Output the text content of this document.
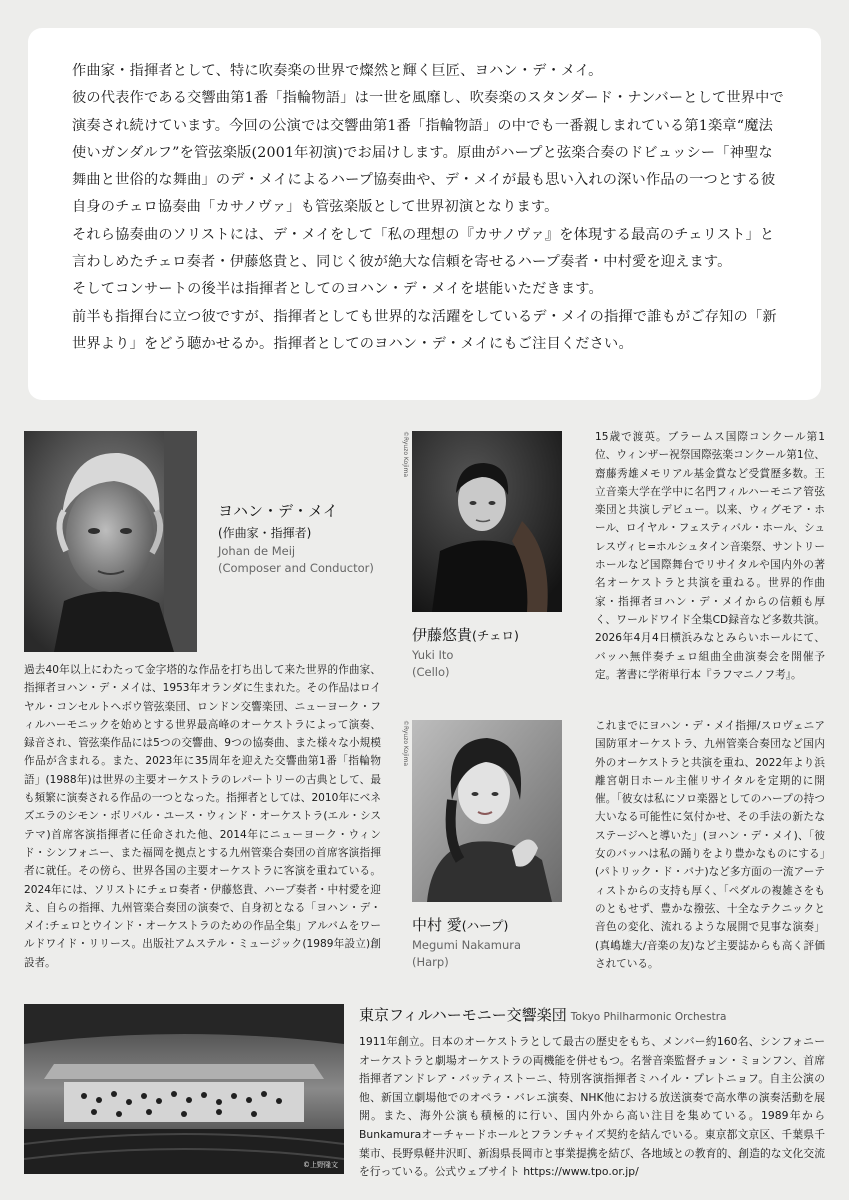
作曲家・指揮者として、特に吹奏楽の世界で燦然と輝く巨匠、ヨハン・デ・メイ。

彼の代表作である交響曲第1番「指輪物語」は一世を風靡し、吹奏楽のスタンダード・ナンバーとして世界中で演奏され続けています。今回の公演では交響曲第1番「指輪物語」の中でも一番親しまれている第1楽章“魔法使いガンダルフ”を管弦楽版(2001年初演)でお届けします。原曲がハープと弦楽合奏のドビュッシー「神聖な舞曲と世俗的な舞曲」のデ・メイによるハープ協奏曲や、デ・メイが最も思い入れの深い作品の一つとする彼自身のチェロ協奏曲「カサノヴァ」も管弦楽版として世界初演となります。

それら協奏曲のソリストには、デ・メイをして「私の理想の『カサノヴァ』を体現する最高のチェリスト」と言わしめたチェロ奏者・伊藤悠貴と、同じく彼が絶大な信頼を寄せるハープ奏者・中村愛を迎えます。

そしてコンサートの後半は指揮者としてのヨハン・デ・メイを堪能いただきます。

前半も指揮台に立つ彼ですが、指揮者としても世界的な活躍をしているデ・メイの指揮で誰もがご存知の「新世界より」をどう聴かせるか。指揮者としてのヨハン・デ・メイにもご注目ください。

ヨハン・デ・メイ

(作曲家・指揮者)

Johan de Meij

(Composer and Conductor)

過去40年以上にわたって金字塔的な作品を打ち出して来た世界的作曲家、指揮者ヨハン・デ・メイは、1953年オランダに生まれた。その作品はロイヤル・コンセルトヘボウ管弦楽団、ロンドン交響楽団、ニューヨーク・フィルハーモニックを始めとする世界最高峰のオーケストラによって演奏、録音され、管弦楽作品には5つの交響曲、9つの協奏曲、また様々な小規模作品が含まれる。また、2023年に35周年を迎えた交響曲第1番「指輪物語」(1988年)は世界の主要オーケストラのレパートリーの古典として、最も頻繁に演奏される作品の一つとなった。指揮者としては、2010年にベネズエラのシモン・ボリバル・ユース・ウィンド・オーケストラ(エル・システマ)首席客演指揮者に任命された他、2014年にニューヨーク・ウィンド・シンフォニー、また福岡を拠点とする九州管楽合奏団の首席客演指揮者に就任。その傍ら、世界各国の主要オーケストラに客演を重ねている。2024年には、ソリストにチェロ奏者・伊藤悠貴、ハープ奏者・中村愛を迎え、自らの指揮、九州管楽合奏団の演奏で、自身初となる「ヨハン・デ・メイ:チェロとウインド・オーケストラのための作品全集」アルバムをワールドワイド・リリース。出版社アムステル・ミュージック(1989年設立)創設者。

©Ryuzo Kojima

伊藤悠貴(チェロ)

Yuki Ito

(Cello)

15歳で渡英。ブラームス国際コンクール第1位、ウィンザー祝祭国際弦楽コンクール第1位、齋藤秀雄メモリアル基金賞など受賞歴多数。王立音楽大学在学中に名門フィルハーモニア管弦楽団と共演しデビュー。以来、ウィグモア・ホール、ロイヤル・フェスティバル・ホール、シュレスヴィヒ=ホルシュタイン音楽祭、サントリーホールなど国際舞台でリサイタルや国内外の著名オーケストラと共演を重ねる。世界的作曲家・指揮者ヨハン・デ・メイからの信頼も厚く、ワールドワイド全集CD録音など多数共演。2026年4月4日横浜みなとみらいホールにて、バッハ無伴奏チェロ組曲全曲演奏会を開催予定。著書に学術単行本『ラフマニノフ考』。

©Ryuzo Kojima

中村 愛(ハープ)

Megumi Nakamura

(Harp)

これまでにヨハン・デ・メイ指揮/スロヴェニア国防軍オーケストラ、九州管楽合奏団など国内外のオーケストラと共演を重ね、2022年より浜離宮朝日ホール主催リサイタルを定期的に開催。「彼女は私にソロ楽器としてのハープの持つ大いなる可能性に気付かせ、その手法の新たなステージへと導いた」(ヨハン・デ・メイ)、「彼女のバッハは私の踊りをより豊かなものにする」(パトリック・ド・バナ)など多方面の一流アーティストからの支持も厚く、「ペダルの複雑さをものともせず、豊かな撥弦、十全なテクニックと音色の変化、流れるような展開で見事な演奏」(真嶋雄大/音楽の友)など主要誌からも高く評価されている。

©上野隆文
東京フィルハーモニー交響楽団 Tokyo Philharmonic Orchestra

1911年創立。日本のオーケストラとして最古の歴史をもち、メンバー約160名、シンフォニーオーケストラと劇場オーケストラの両機能を併せもつ。名誉音楽監督チョン・ミョンフン、首席指揮者アンドレア・バッティストーニ、特別客演指揮者ミハイル・プレトニョフ。自主公演の他、新国立劇場他でのオペラ・バレエ演奏、NHK他における放送演奏で高水準の演奏活動を展開。また、海外公演も積極的に行い、国内外から高い注目を集めている。1989年からBunkamuraオーチャードホールとフランチャイズ契約を結んでいる。東京都文京区、千葉県千葉市、長野県軽井沢町、新潟県長岡市と事業提携を結び、各地域との教育的、創造的な文化交流を行っている。公式ウェブサイト https://www.tpo.or.jp/
